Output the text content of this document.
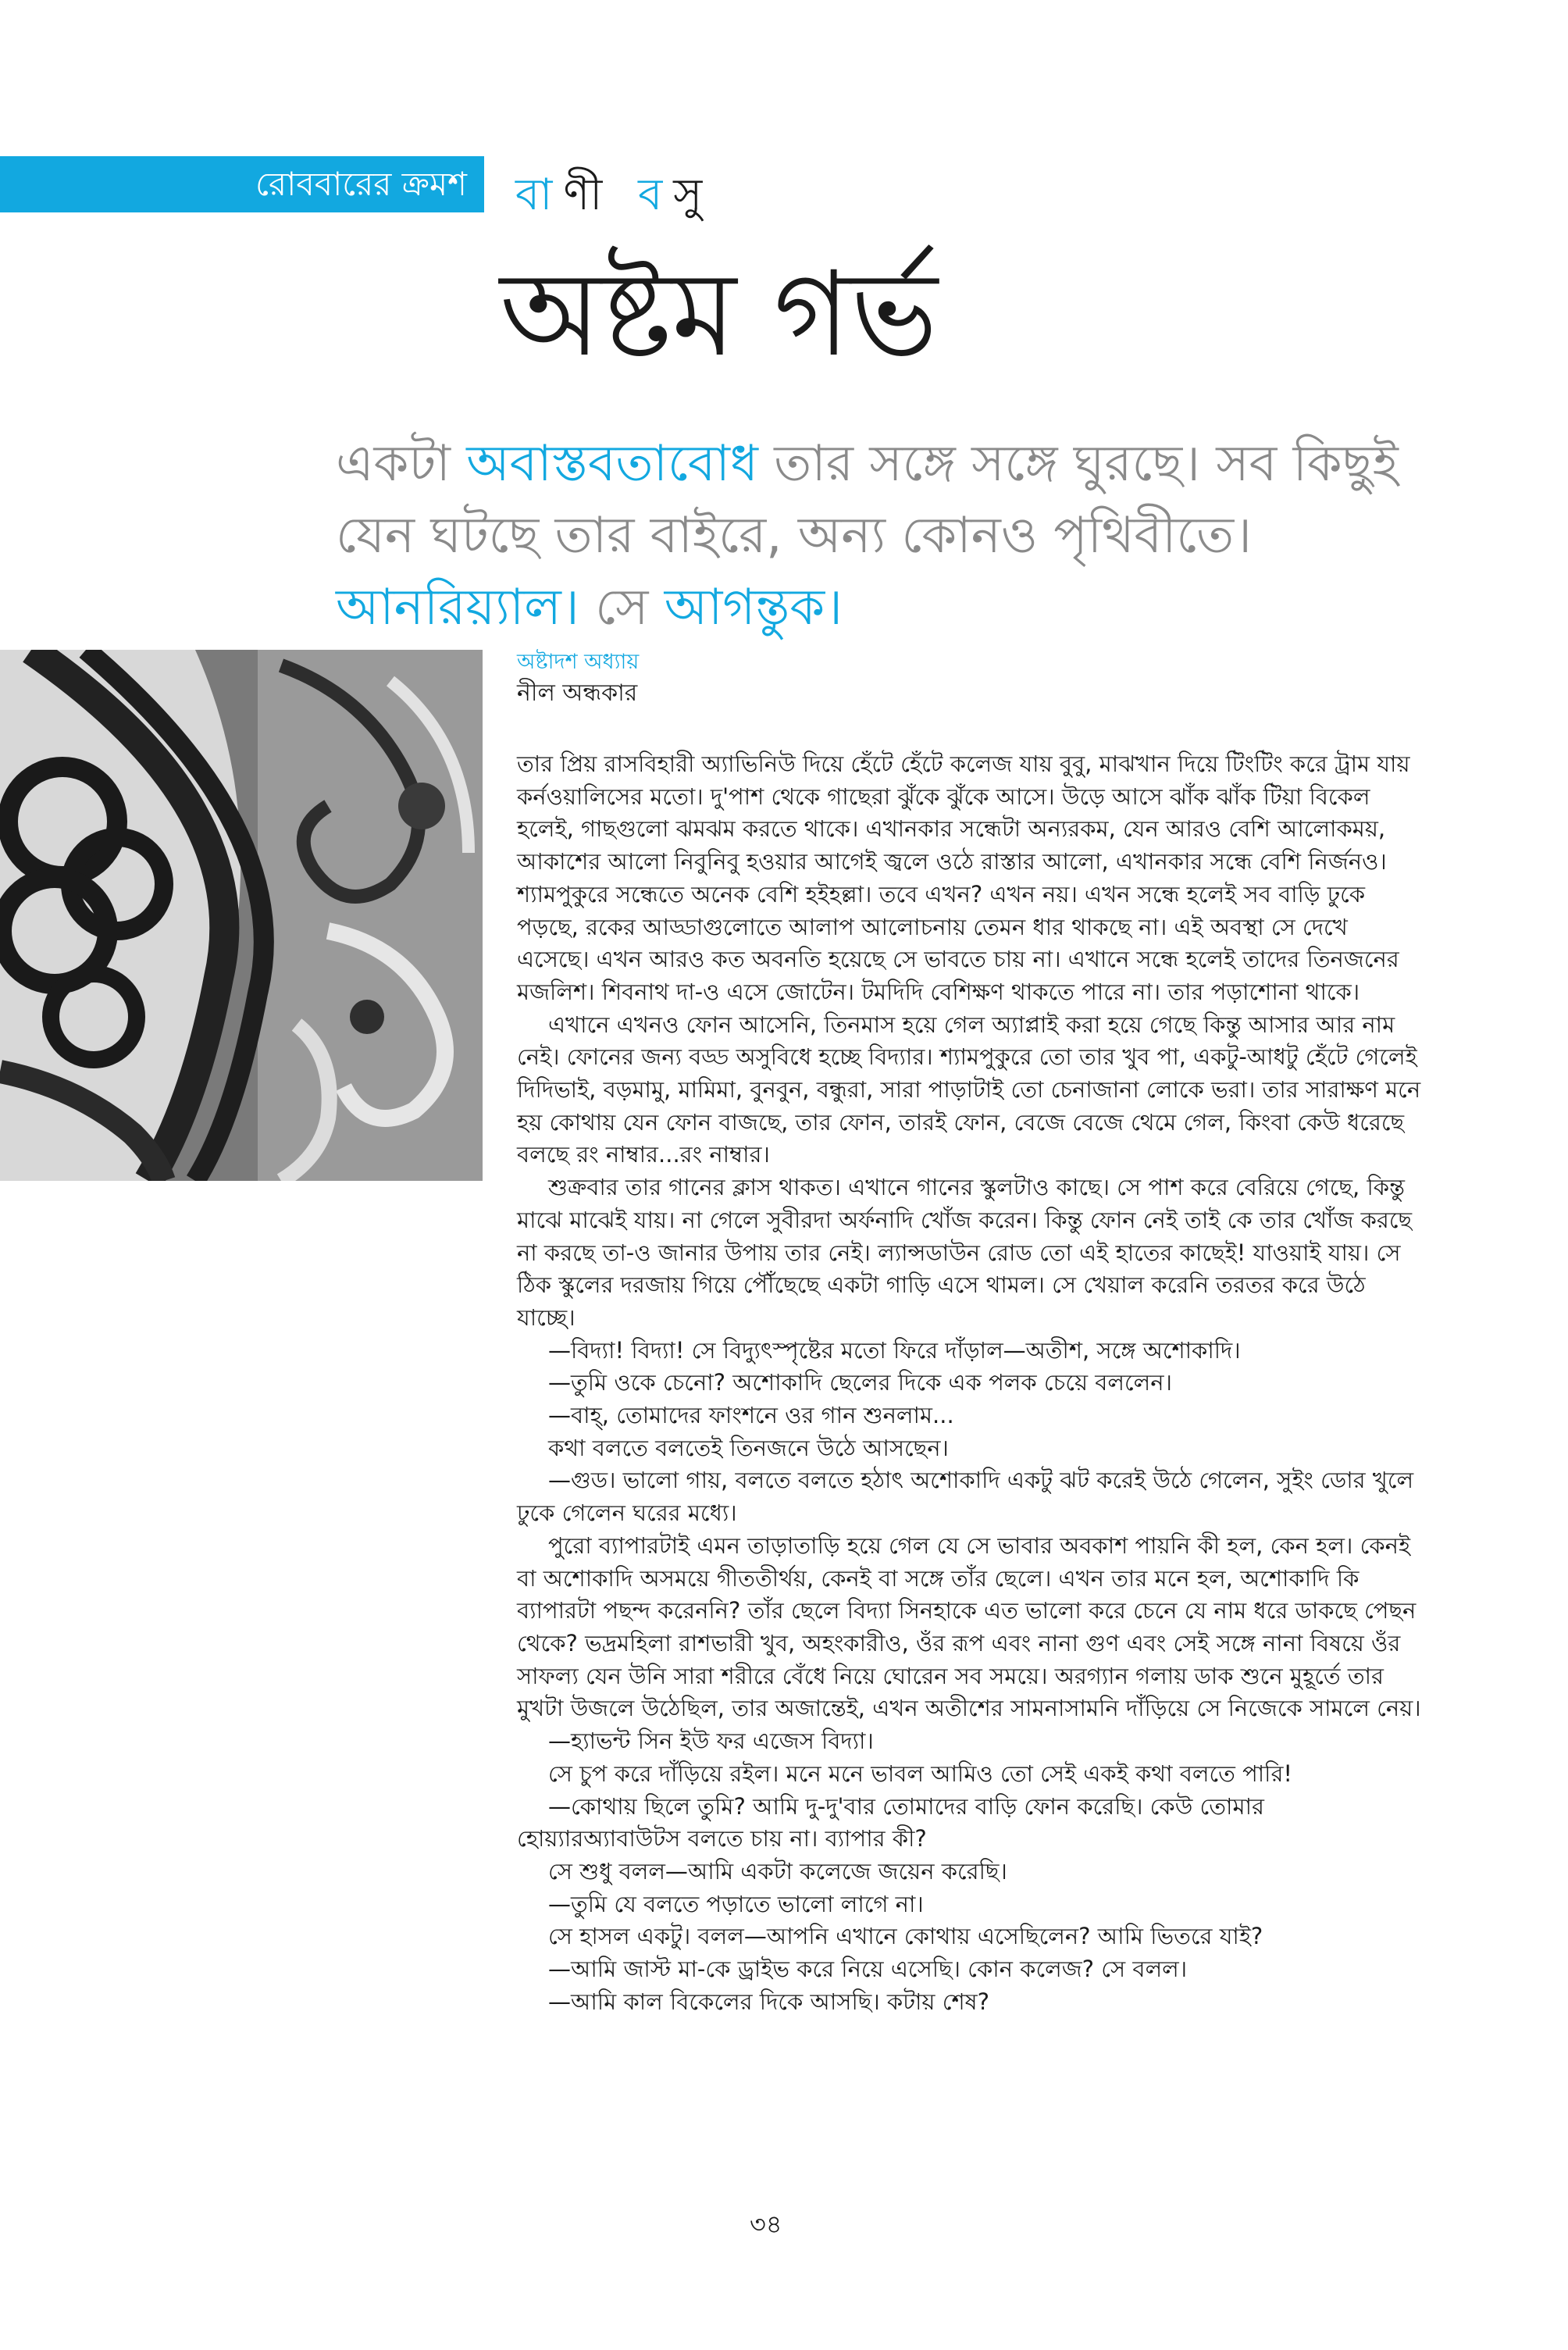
রোববারের ক্রমশ বাণী বসু
অষ্টম গর্ভ
একটা অবাস্তবতাবোধ তার সঙ্গে সঙ্গে ঘুরছে। সব কিছুই যেন ঘটছে তার বাইরে, অন্য কোনও পৃথিবীতে। আনরিয়্যাল। সে আগন্তুক।
অষ্টাদশ অধ্যায়
নীল অন্ধকার

তার প্রিয় রাসবিহারী অ্যাভিনিউ দিয়ে হেঁটে হেঁটে কলেজ যায় বুবু, মাঝখান দিয়ে টিংটিং করে ট্রাম যায় কর্নওয়ালিসের মতো। দু'পাশ থেকে গাছেরা ঝুঁকে ঝুঁকে আসে। উড়ে আসে ঝাঁক ঝাঁক টিয়া বিকেল হলেই, গাছগুলো ঝমঝম করতে থাকে। এখানকার সন্ধেটা অন্যরকম, যেন আরও বেশি আলোকময়, আকাশের আলো নিবুনিবু হওয়ার আগেই জ্বলে ওঠে রাস্তার আলো, এখানকার সন্ধে বেশি নির্জনও। শ্যামপুকুরে সন্ধেতে অনেক বেশি হইহল্লা। তবে এখন? এখন নয়। এখন সন্ধে হলেই সব বাড়ি ঢুকে পড়ছে, রকের আড্ডাগুলোতে আলাপ আলোচনায় তেমন ধার থাকছে না। এই অবস্থা সে দেখে এসেছে। এখন আরও কত অবনতি হয়েছে সে ভাবতে চায় না। এখানে সন্ধে হলেই তাদের তিনজনের মজলিশ। শিবনাথ দা-ও এসে জোটেন। টমদিদি বেশিক্ষণ থাকতে পারে না। তার পড়াশোনা থাকে।

এখানে এখনও ফোন আসেনি, তিনমাস হয়ে গেল অ্যাপ্লাই করা হয়ে গেছে কিন্তু আসার আর নাম নেই। ফোনের জন্য বড্ড অসুবিধে হচ্ছে বিদ্যার। শ্যামপুকুরে তো তার খুব পা, একটু-আধটু হেঁটে গেলেই দিদিভাই, বড়মামু, মামিমা, বুনবুন, বন্ধুরা, সারা পাড়াটাই তো চেনাজানা লোকে ভরা। তার সারাক্ষণ মনে হয় কোথায় যেন ফোন বাজছে, তার ফোন, তারই ফোন, বেজে বেজে থেমে গেল, কিংবা কেউ ধরেছে বলছে রং নাম্বার...রং নাম্বার।

শুক্রবার তার গানের ক্লাস থাকত। এখানে গানের স্কুলটাও কাছে। সে পাশ করে বেরিয়ে গেছে, কিন্তু মাঝে মাঝেই যায়। না গেলে সুবীরদা অর্ফনাদি খোঁজ করেন। কিন্তু ফোন নেই তাই কে তার খোঁজ করছে না করছে তা-ও জানার উপায় তার নেই। ল্যান্সডাউন রোড তো এই হাতের কাছেই! যাওয়াই যায়। সে ঠিক স্কুলের দরজায় গিয়ে পৌঁছেছে একটা গাড়ি এসে থামল। সে খেয়াল করেনি তরতর করে উঠে যাচ্ছে।

—বিদ্যা! বিদ্যা! সে বিদ্যুৎস্পৃষ্টের মতো ফিরে দাঁড়াল—অতীশ, সঙ্গে অশোকাদি।

—তুমি ওকে চেনো? অশোকাদি ছেলের দিকে এক পলক চেয়ে বললেন।

—বাহ্, তোমাদের ফাংশনে ওর গান শুনলাম...

কথা বলতে বলতেই তিনজনে উঠে আসছেন।

—গুড। ভালো গায়, বলতে বলতে হঠাৎ অশোকাদি একটু ঝট করেই উঠে গেলেন, সুইং ডোর খুলে ঢুকে গেলেন ঘরের মধ্যে।

পুরো ব্যাপারটাই এমন তাড়াতাড়ি হয়ে গেল যে সে ভাবার অবকাশ পায়নি কী হল, কেন হল। কেনই বা অশোকাদি অসময়ে গীততীর্থয়, কেনই বা সঙ্গে তাঁর ছেলে। এখন তার মনে হল, অশোকাদি কি ব্যাপারটা পছন্দ করেননি? তাঁর ছেলে বিদ্যা সিনহাকে এত ভালো করে চেনে যে নাম ধরে ডাকছে পেছন থেকে? ভদ্রমহিলা রাশভারী খুব, অহংকারীও, ওঁর রূপ এবং নানা গুণ এবং সেই সঙ্গে নানা বিষয়ে ওঁর সাফল্য যেন উনি সারা শরীরে বেঁধে নিয়ে ঘোরেন সব সময়ে। অরগ্যান গলায় ডাক শুনে মুহূর্তে তার মুখটা উজলে উঠেছিল, তার অজান্তেই, এখন অতীশের সামনাসামনি দাঁড়িয়ে সে নিজেকে সামলে নেয়।

—হ্যাভন্ট সিন ইউ ফর এজেস বিদ্যা।

সে চুপ করে দাঁড়িয়ে রইল। মনে মনে ভাবল আমিও তো সেই একই কথা বলতে পারি!

—কোথায় ছিলে তুমি? আমি দু-দু'বার তোমাদের বাড়ি ফোন করেছি। কেউ তোমার হোয়্যারঅ্যাবাউটস বলতে চায় না। ব্যাপার কী?

সে শুধু বলল—আমি একটা কলেজে জয়েন করেছি।

—তুমি যে বলতে পড়াতে ভালো লাগে না।

সে হাসল একটু। বলল—আপনি এখানে কোথায় এসেছিলেন? আমি ভিতরে যাই?

—আমি জাস্ট মা-কে ড্রাইভ করে নিয়ে এসেছি। কোন কলেজ? সে বলল।

—আমি কাল বিকেলের দিকে আসছি। কটায় শেষ?

৩৪
